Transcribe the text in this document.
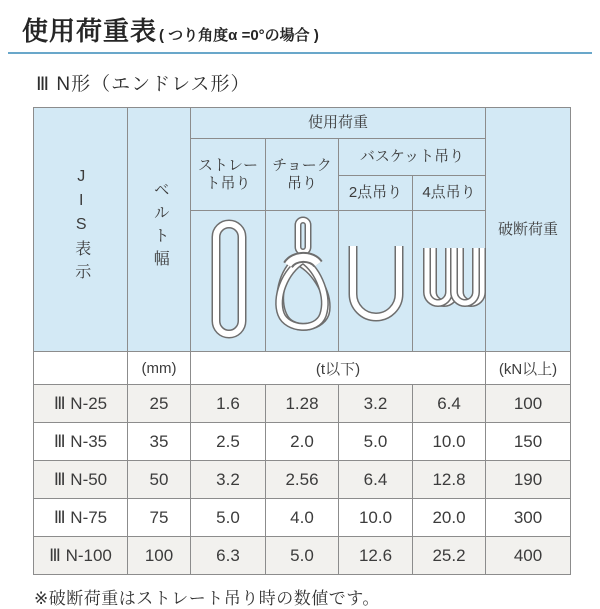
使用荷重表 ( つり角度α =0°の場合 )
Ⅲ N形（エンドレス形）
JIS表示	ベルト幅	使用荷重				破断荷重
		ストレート吊り	チョーク吊り	バスケット吊り		
				2点吊り	4点吊り	

	(mm)	(t以下)				(kN以上)
Ⅲ N-25	25	1.6	1.28	3.2	6.4	100
Ⅲ N-35	35	2.5	2.0	5.0	10.0	150
Ⅲ N-50	50	3.2	2.56	6.4	12.8	190
Ⅲ N-75	75	5.0	4.0	10.0	20.0	300
Ⅲ N-100	100	6.3	5.0	12.6	25.2	400
※破断荷重はストレート吊り時の数値です。
